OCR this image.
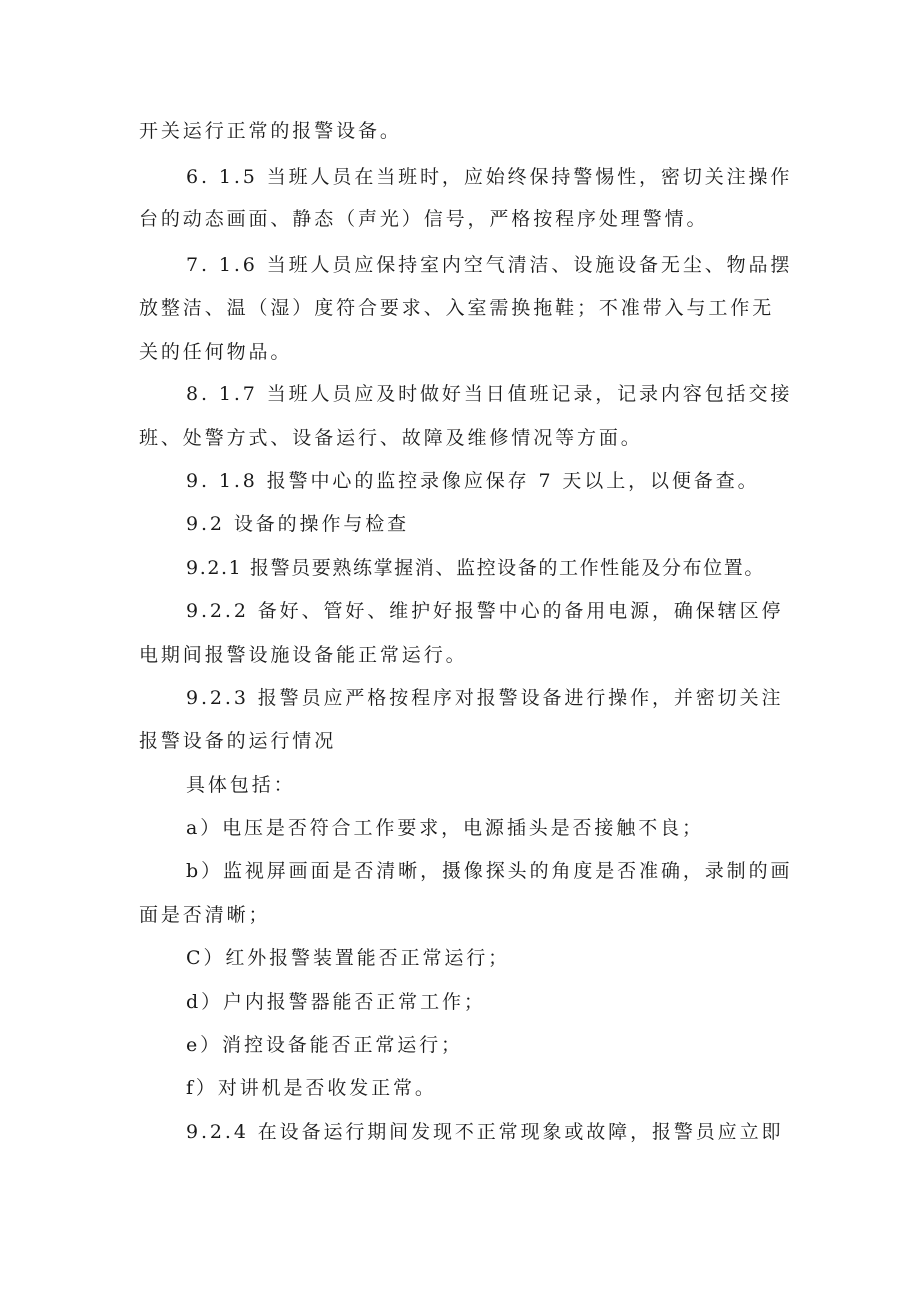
开关运行正常的报警设备。
6. 1.5 当班人员在当班时，应始终保持警惕性，密切关注操作
台的动态画面、静态（声光）信号，严格按程序处理警情。
7. 1.6 当班人员应保持室内空气清洁、设施设备无尘、物品摆
放整洁、温（湿）度符合要求、入室需换拖鞋；不准带入与工作无
关的任何物品。
8. 1.7 当班人员应及时做好当日值班记录，记录内容包括交接
班、处警方式、设备运行、故障及维修情况等方面。
9. 1.8 报警中心的监控录像应保存 7 天以上，以便备查。
9.2 设备的操作与检查
9.2.1 报警员要熟练掌握消、监控设备的工作性能及分布位置。
9.2.2 备好、管好、维护好报警中心的备用电源，确保辖区停
电期间报警设施设备能正常运行。
9.2.3 报警员应严格按程序对报警设备进行操作，并密切关注
报警设备的运行情况
具体包括：
a）电压是否符合工作要求，电源插头是否接触不良；
b）监视屏画面是否清晰，摄像探头的角度是否准确，录制的画
面是否清晰；
C）红外报警装置能否正常运行；
d）户内报警器能否正常工作；
e）消控设备能否正常运行；
f）对讲机是否收发正常。
9.2.4 在设备运行期间发现不正常现象或故障，报警员应立即
